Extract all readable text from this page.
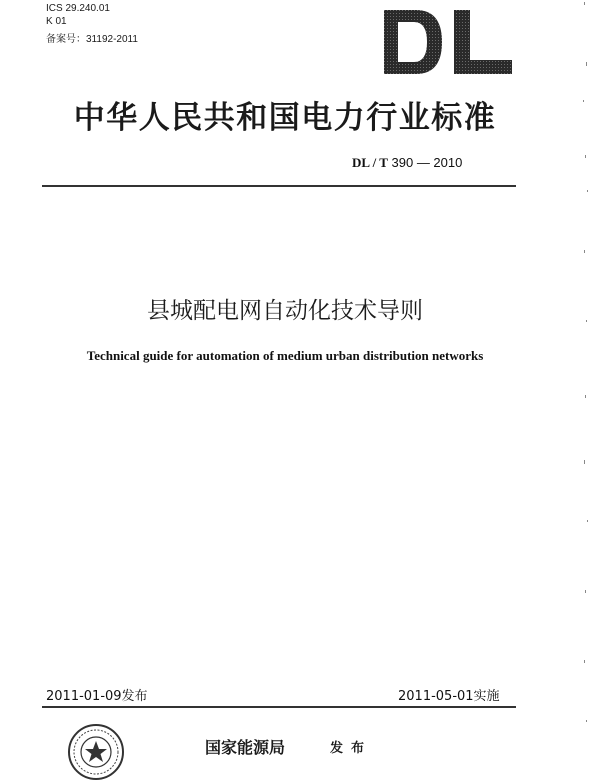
ICS 29.240.01
K 01
备案号：31192-2011
中华人民共和国电力行业标准
DL / T 390 — 2010
县城配电网自动化技术导则
Technical guide for automation of medium urban distribution networks
2011-01-09发布	2011-05-01实施
国家能源局	发布
